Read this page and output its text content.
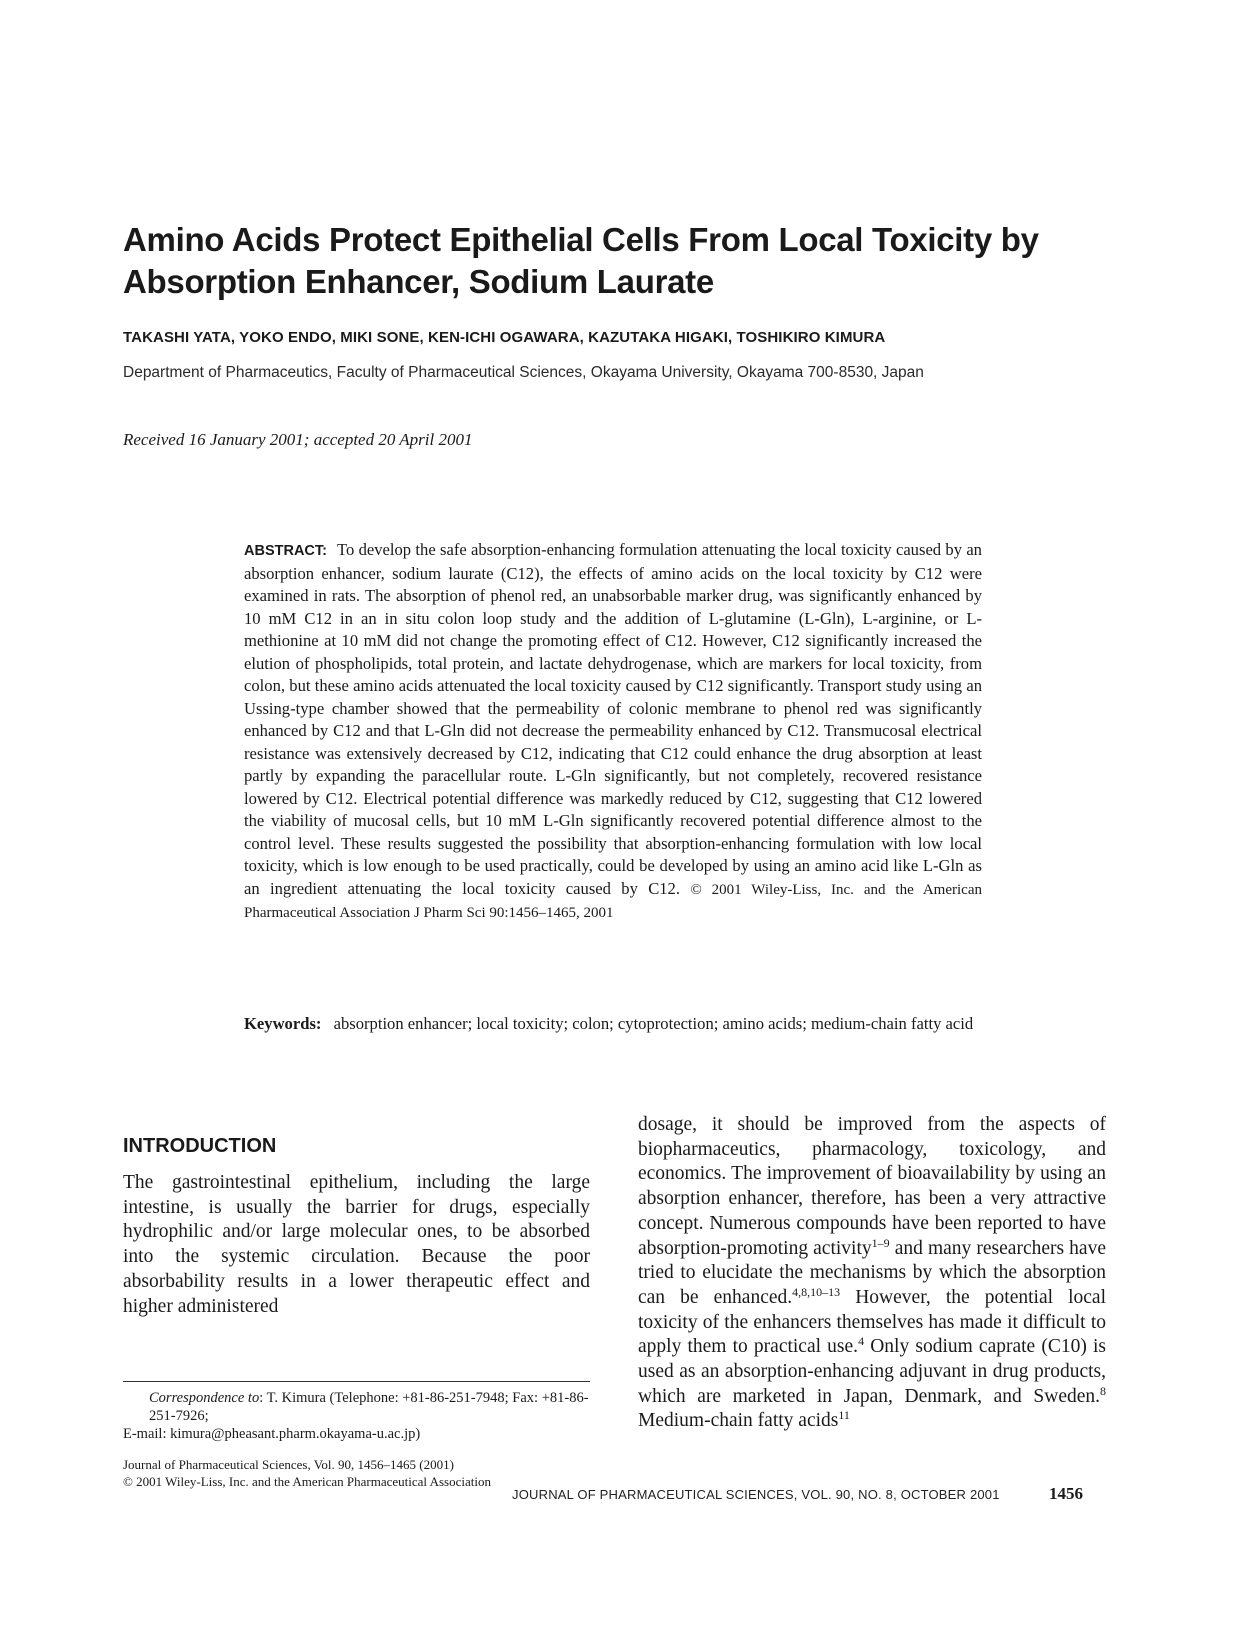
Amino Acids Protect Epithelial Cells From Local Toxicity by Absorption Enhancer, Sodium Laurate
TAKASHI YATA, YOKO ENDO, MIKI SONE, KEN-ICHI OGAWARA, KAZUTAKA HIGAKI, TOSHIKIRO KIMURA
Department of Pharmaceutics, Faculty of Pharmaceutical Sciences, Okayama University, Okayama 700-8530, Japan
Received 16 January 2001; accepted 20 April 2001
ABSTRACT: To develop the safe absorption-enhancing formulation attenuating the local toxicity caused by an absorption enhancer, sodium laurate (C12), the effects of amino acids on the local toxicity by C12 were examined in rats. The absorption of phenol red, an unabsorbable marker drug, was significantly enhanced by 10 mM C12 in an in situ colon loop study and the addition of L-glutamine (L-Gln), L-arginine, or L-methionine at 10 mM did not change the promoting effect of C12. However, C12 significantly increased the elution of phospholipids, total protein, and lactate dehydrogenase, which are markers for local toxicity, from colon, but these amino acids attenuated the local toxicity caused by C12 significantly. Transport study using an Ussing-type chamber showed that the permeability of colonic membrane to phenol red was significantly enhanced by C12 and that L-Gln did not decrease the permeability enhanced by C12. Transmucosal electrical resistance was extensively decreased by C12, indicating that C12 could enhance the drug absorption at least partly by expanding the paracellular route. L-Gln significantly, but not completely, recovered resistance lowered by C12. Electrical potential difference was markedly reduced by C12, suggesting that C12 lowered the viability of mucosal cells, but 10 mM L-Gln significantly recovered potential difference almost to the control level. These results suggested the possibility that absorption-enhancing formulation with low local toxicity, which is low enough to be used practically, could be developed by using an amino acid like L-Gln as an ingredient attenuating the local toxicity caused by C12. © 2001 Wiley-Liss, Inc. and the American Pharmaceutical Association J Pharm Sci 90:1456–1465, 2001
Keywords: absorption enhancer; local toxicity; colon; cytoprotection; amino acids; medium-chain fatty acid
INTRODUCTION
The gastrointestinal epithelium, including the large intestine, is usually the barrier for drugs, especially hydrophilic and/or large molecular ones, to be absorbed into the systemic circulation. Because the poor absorbability results in a lower therapeutic effect and higher administered
dosage, it should be improved from the aspects of biopharmaceutics, pharmacology, toxicology, and economics. The improvement of bioavailability by using an absorption enhancer, therefore, has been a very attractive concept. Numerous compounds have been reported to have absorption-promoting activity$^{1-9}$ and many researchers have tried to elucidate the mechanisms by which the absorption can be enhanced.$^{4,8,10-13}$ However, the potential local toxicity of the enhancers themselves has made it difficult to apply them to practical use.$^4$ Only sodium caprate (C10) is used as an absorption-enhancing adjuvant in drug products, which are marketed in Japan, Denmark, and Sweden.$^8$ Medium-chain fatty acids$^{11}$
Correspondence to: T. Kimura (Telephone: +81-86-251-7948; Fax: +81-86-251-7926;
E-mail: kimura@pheasant.pharm.okayama-u.ac.jp)
Journal of Pharmaceutical Sciences, Vol. 90, 1456–1465 (2001)
© 2001 Wiley-Liss, Inc. and the American Pharmaceutical Association
JOURNAL OF PHARMACEUTICAL SCIENCES, VOL. 90, NO. 8, OCTOBER 2001	1456
